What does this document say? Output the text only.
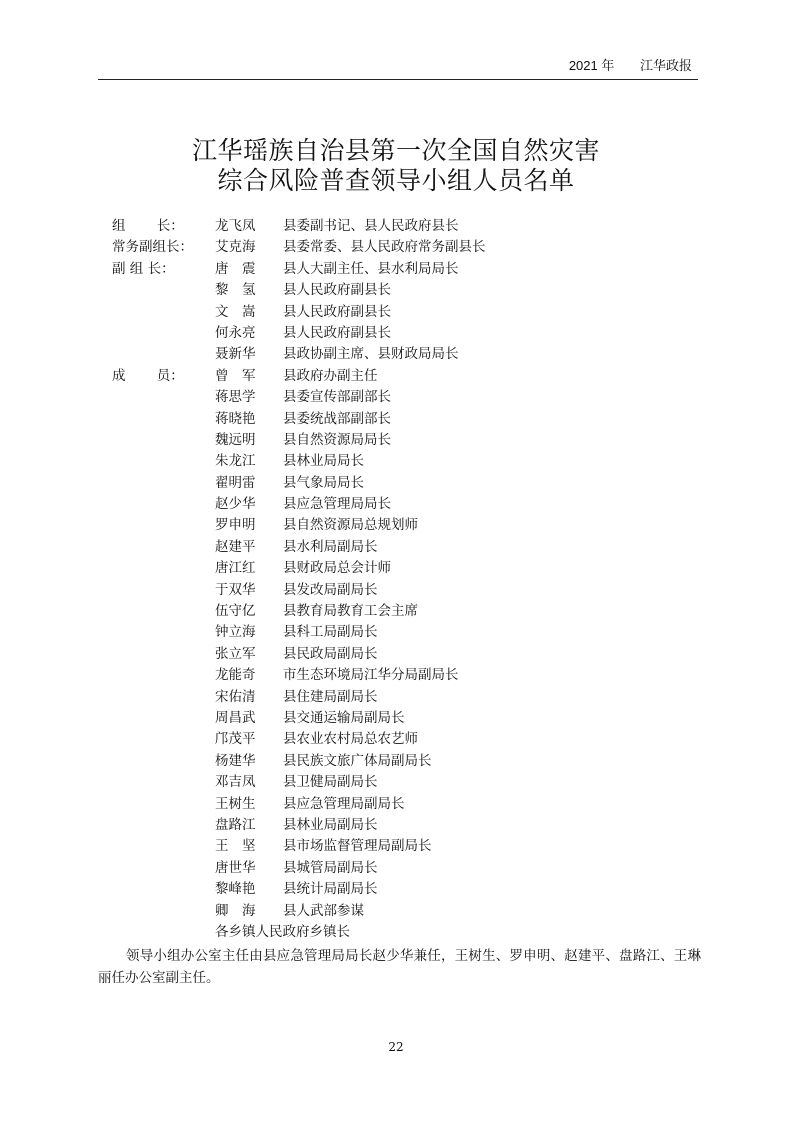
2021 年 江华政报
江华瑶族自治县第一次全国自然灾害
综合风险普查领导小组人员名单
组　　 长：	龙飞凤	县委副书记、县人民政府县长
常务副组长：	艾克海	县委常委、县人民政府常务副县长
副 组 长：	唐　震	县人大副主任、县水利局局长
黎　氢	县人民政府副县长
文　嵩	县人民政府副县长
何永亮	县人民政府副县长
聂新华	县政协副主席、县财政局局长
成　　 员：	曾　军	县政府办副主任
蒋思学	县委宣传部副部长
蒋晓艳	县委统战部副部长
魏远明	县自然资源局局长
朱龙江	县林业局局长
翟明雷	县气象局局长
赵少华	县应急管理局局长
罗申明	县自然资源局总规划师
赵建平	县水利局副局长
唐江红	县财政局总会计师
于双华	县发改局副局长
伍守亿	县教育局教育工会主席
钟立海	县科工局副局长
张立军	县民政局副局长
龙能奇	市生态环境局江华分局副局长
宋佑清	县住建局副局长
周昌武	县交通运输局副局长
邝茂平	县农业农村局总农艺师
杨建华	县民族文旅广体局副局长
邓吉凤	县卫健局副局长
王树生	县应急管理局副局长
盘路江	县林业局副局长
王　坚	县市场监督管理局副局长
唐世华	县城管局副局长
黎峰艳	县统计局副局长
卿　海	县人武部参谋
各乡镇人民政府乡镇长
领导小组办公室主任由县应急管理局局长赵少华兼任，王树生、罗申明、赵建平、盘路江、王琳丽任办公室副主任。
22
